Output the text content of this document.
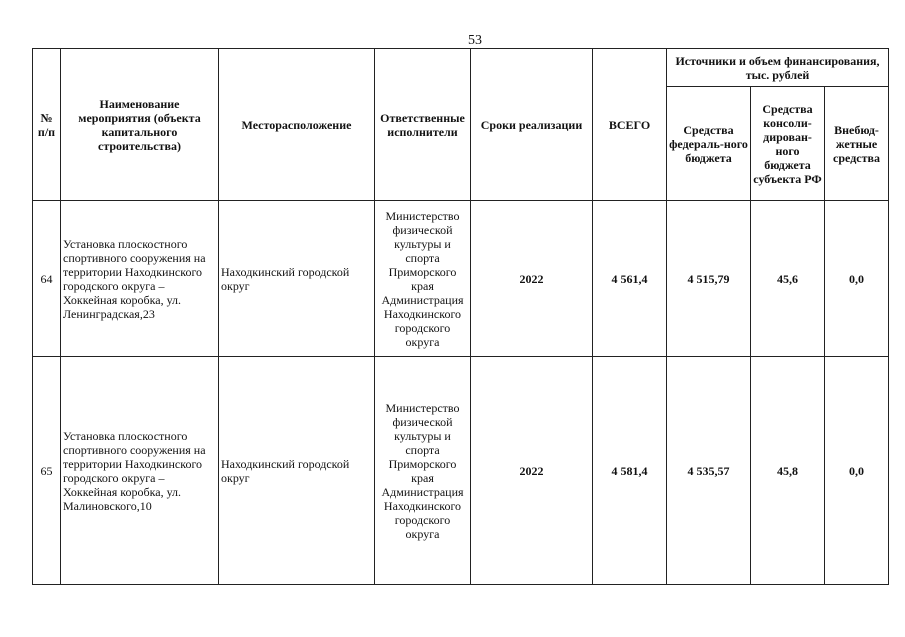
53
№ п/п	Наименование мероприятия (объекта капитального строительства)	Месторасположение	Ответственные исполнители	Сроки реализации	ВСЕГО	Источники и объем финансирования, тыс. рублей		
						Средства федераль-ного бюджета	Средства консоли-дирован-ного бюджета субъекта РФ	Внебюд-жетные средства
64	Установка плоскостного спортивного сооружения на территории Находкинского городского округа – Хоккейная коробка, ул. Ленинградская,23	Находкинский городской округ	Министерство физической культуры и спорта Приморского края Администрация Находкинского городского округа	2022	4 561,4	4 515,79	45,6	0,0
65	Установка плоскостного спортивного сооружения на территории Находкинского городского округа – Хоккейная коробка, ул. Малиновского,10	Находкинский городской округ	Министерство физической культуры и спорта Приморского края Администрация Находкинского городского округа	2022	4 581,4	4 535,57	45,8	0,0
